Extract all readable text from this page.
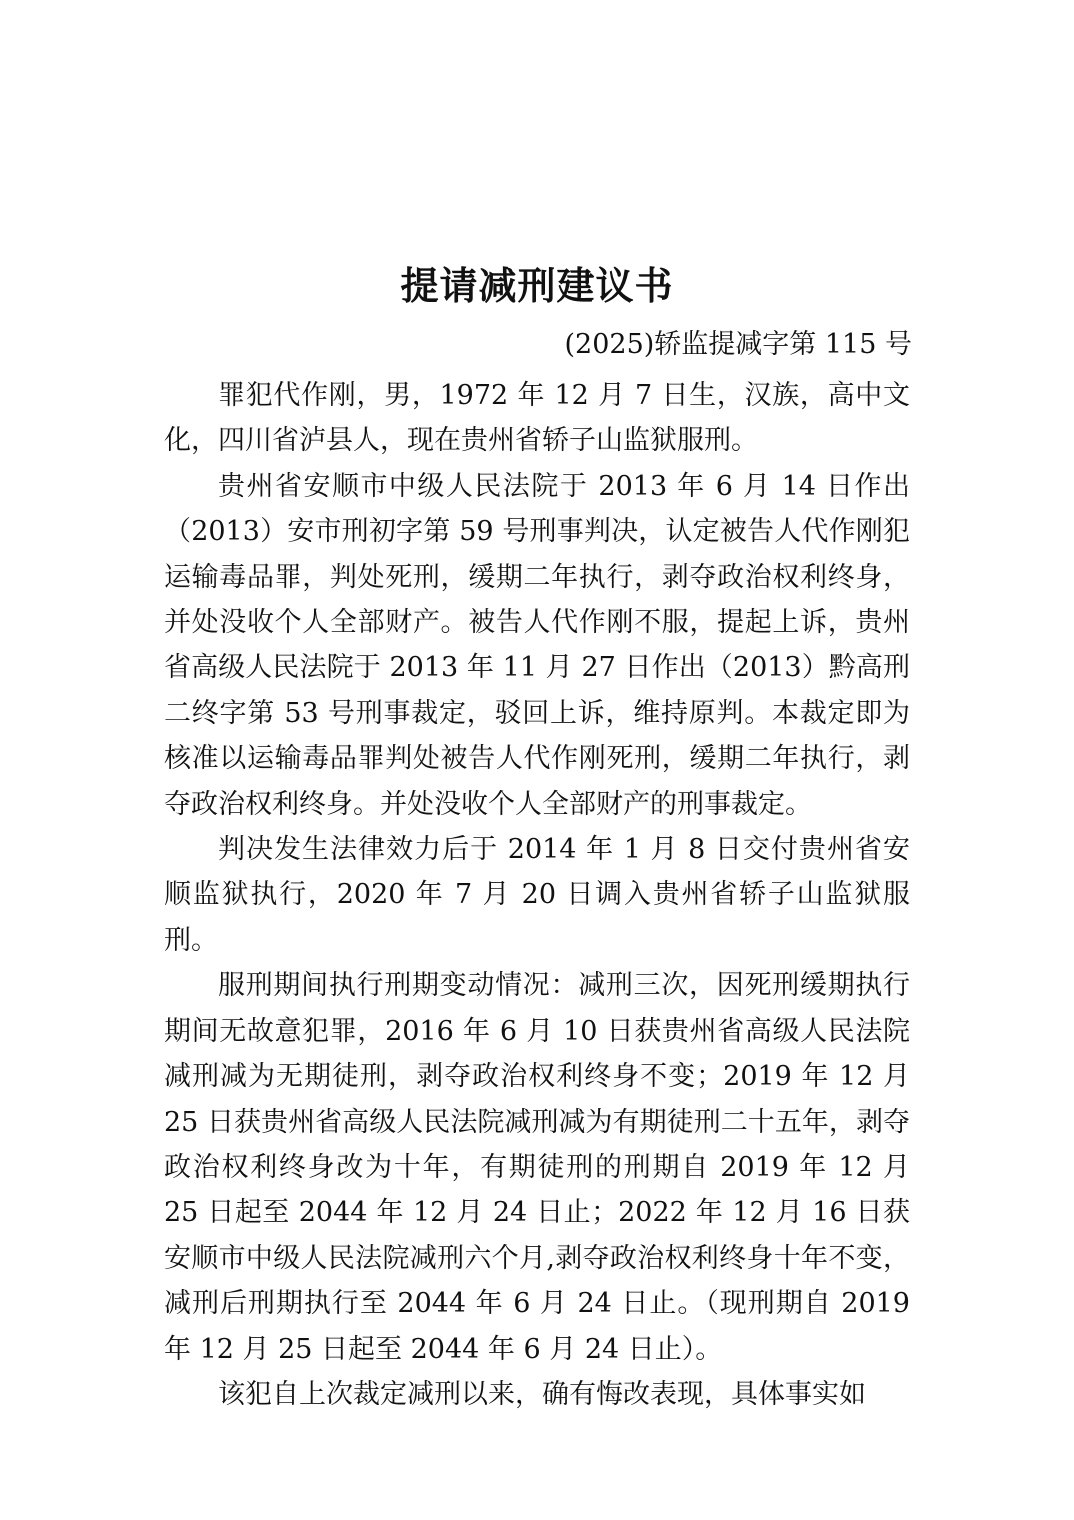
提请减刑建议书
(2025)轿监提减字第 115 号

罪犯代作刚，男，1972 年 12 月 7 日生，汉族，高中文化，四川省泸县人，现在贵州省轿子山监狱服刑。

贵州省安顺市中级人民法院于 2013 年 6 月 14 日作出（2013）安市刑初字第 59 号刑事判决，认定被告人代作刚犯运输毒品罪，判处死刑，缓期二年执行，剥夺政治权利终身，并处没收个人全部财产。被告人代作刚不服，提起上诉，贵州省高级人民法院于 2013 年 11 月 27 日作出（2013）黔高刑二终字第 53 号刑事裁定，驳回上诉，维持原判。本裁定即为核准以运输毒品罪判处被告人代作刚死刑，缓期二年执行，剥夺政治权利终身。并处没收个人全部财产的刑事裁定。

判决发生法律效力后于 2014 年 1 月 8 日交付贵州省安顺监狱执行，2020 年 7 月 20 日调入贵州省轿子山监狱服刑。

服刑期间执行刑期变动情况：减刑三次，因死刑缓期执行期间无故意犯罪，2016 年 6 月 10 日获贵州省高级人民法院减刑减为无期徒刑，剥夺政治权利终身不变；2019 年 12 月 25 日获贵州省高级人民法院减刑减为有期徒刑二十五年，剥夺政治权利终身改为十年，有期徒刑的刑期自 2019 年 12 月 25 日起至 2044 年 12 月 24 日止；2022 年 12 月 16 日获安顺市中级人民法院减刑六个月,剥夺政治权利终身十年不变，减刑后刑期执行至 2044 年 6 月 24 日止。（现刑期自 2019 年 12 月 25 日起至 2044 年 6 月 24 日止）。

该犯自上次裁定减刑以来，确有悔改表现，具体事实如
